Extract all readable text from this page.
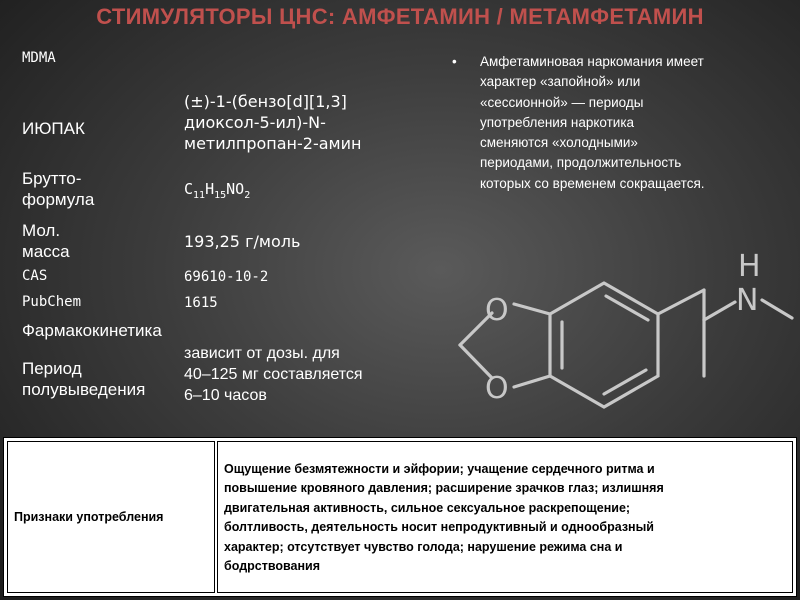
СТИМУЛЯТОРЫ ЦНС: АМФЕТАМИН / МЕТАМФЕТАМИН
MDMA
ИЮПАК
(±)-1-(бензо[d][1,3]
диоксол-5-ил)-N-
метилпропан-2-амин
Брутто-
формула
$C_{11}H_{15}NO_2$
Мол.
масса
193,25 г/моль
CAS	69610-10-2
PubChem	1615
Фармакокинетика
Период
полувыведения
зависит от дозы. для
40–125 мг составляется
6–10 часов
• Амфетаминовая наркомания имеет
характер «запойной» или
«сессионной» — периоды
употребления наркотика
сменяются «холодными»
периодами, продолжительность
которых со временем сокращается.
H
N
O
O
Признаки употребления
Ощущение безмятежности и эйфории; учащение сердечного ритма и
повышение кровяного давления; расширение зрачков глаз; излишняя
двигательная активность, сильное сексуальное раскрепощение;
болтливость, деятельность носит непродуктивный и однообразный
характер; отсутствует чувство голода; нарушение режима сна и
бодрствования
